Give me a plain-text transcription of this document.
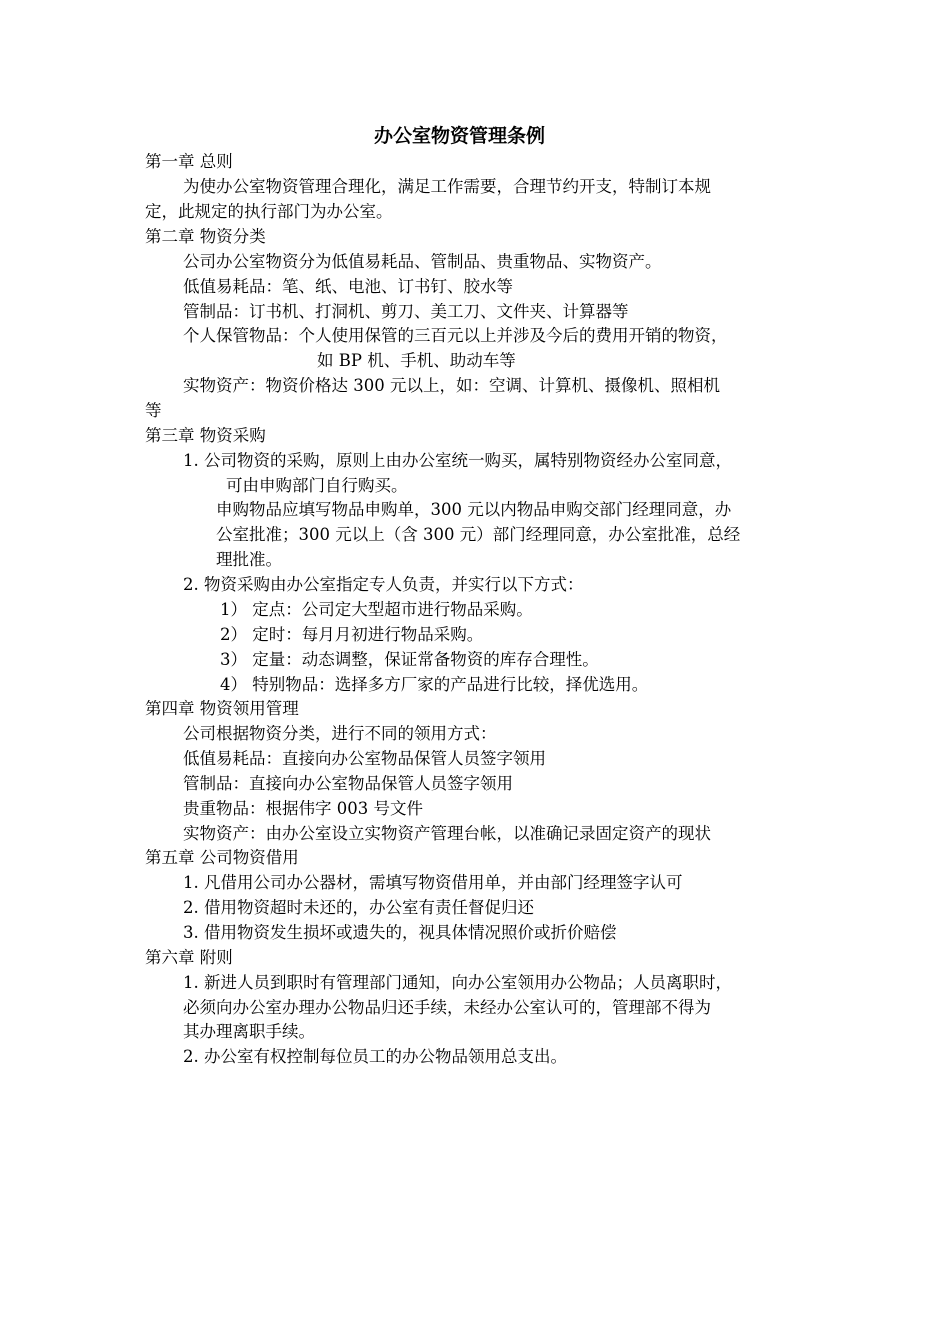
办公室物资管理条例
第一章 总则
为使办公室物资管理合理化，满足工作需要，合理节约开支，特制订本规
定，此规定的执行部门为办公室。
第二章 物资分类
公司办公室物资分为低值易耗品、管制品、贵重物品、实物资产。
低值易耗品：笔、纸、电池、订书钉、胶水等
管制品：订书机、打洞机、剪刀、美工刀、文件夹、计算器等
个人保管物品：个人使用保管的三百元以上并涉及今后的费用开销的物资，
如 BP 机、手机、助动车等
实物资产：物资价格达 300 元以上，如：空调、计算机、摄像机、照相机
等
第三章 物资采购
1. 公司物资的采购，原则上由办公室统一购买，属特别物资经办公室同意，
可由申购部门自行购买。
申购物品应填写物品申购单，300 元以内物品申购交部门经理同意，办
公室批准；300 元以上（含 300 元）部门经理同意，办公室批准，总经
理批准。
2. 物资采购由办公室指定专人负责，并实行以下方式：
1） 定点：公司定大型超市进行物品采购。
2） 定时：每月月初进行物品采购。
3） 定量：动态调整，保证常备物资的库存合理性。
4） 特别物品：选择多方厂家的产品进行比较，择优选用。
第四章 物资领用管理
公司根据物资分类，进行不同的领用方式：
低值易耗品：直接向办公室物品保管人员签字领用
管制品：直接向办公室物品保管人员签字领用
贵重物品：根据伟字 003 号文件
实物资产：由办公室设立实物资产管理台帐，以准确记录固定资产的现状
第五章 公司物资借用
1. 凡借用公司办公器材，需填写物资借用单，并由部门经理签字认可
2. 借用物资超时未还的，办公室有责任督促归还
3. 借用物资发生损坏或遗失的，视具体情况照价或折价赔偿
第六章 附则
1. 新进人员到职时有管理部门通知，向办公室领用办公物品；人员离职时，
必须向办公室办理办公物品归还手续，未经办公室认可的，管理部不得为
其办理离职手续。
2. 办公室有权控制每位员工的办公物品领用总支出。
